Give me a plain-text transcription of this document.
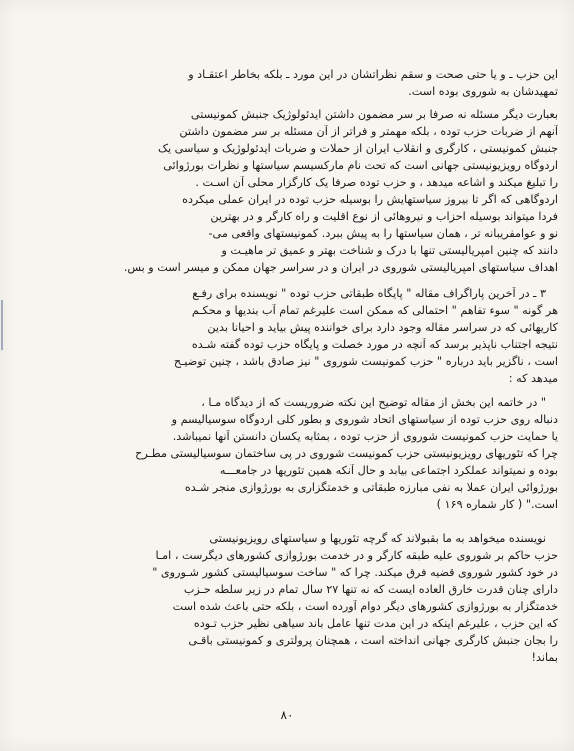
این حزب ـ و یا حتی صحت و سقم نظراتشان در این مورد ـ بلکه بخاطر اعتقـاد و
تمهیدشان به شوروی بوده است.
بعبارت دیگر مسئله نه صرفا بر سر مضمون داشتن ایدئولوژیک جنبش کمونیستی
آنهم از ضربات حزب توده ، بلکه مهمتر و فراتر از آن مسئله بر سر مضمون داشتن
جنبش کمونیستی ، کارگری و انقلاب ایران از حملات و ضربات ایدئولوژیک و سیاسی یک
اردوگاه رویزیونیستی جهانی است که تحت نام مارکسیسم سیاستها و نظرات بورژوائی
را تبلیغ میکند و اشاعه میدهد ، و حزب توده صرفا یک کارگزار محلی آن اسـت .
اردوگاهی که اگر تا بیروز سیاستهایش را بوسیله حزب توده در ایران عملی میکرده
فردا میتواند بوسیله احزاب و نیروهائی از نوع اقلیت و راه کارگر و در بهترین
نو و عوامفریبانه تر ، همان سیاستها را به پیش ببرد. کمونیستهای واقعی می-
دانند که چنین امپریالیستی تنها با درک و شناخت بهتر و عمیق تر ماهیـت و
اهداف سیاستهای امپریالیستی شوروی در ایران و در سراسر جهان ممکن و میسر است و بس.
۳ ـ در آخرین پاراگراف مقاله " پایگاه طبقاتی حزب توده " نویسنده برای رفـع
هر گونه " سوء تفاهم " احتمالی که ممکن است علیرغم تمام آب بندیها و محکـم
کاریهائی که در سراسر مقاله وجود دارد برای خواننده پیش بیاید و احیانا بدین
نتیجه اجتناب ناپذیر برسد که آنچه در مورد خصلت و پایگاه حزب توده گفته شـده
است ، ناگزیر باید درباره " حزب کمونیست شوروی " نیز صادق باشد ، چنین توضیـح
میدهد که :
" در خاتمه این بخش از مقاله توضیح این نکته ضروریست که از دیدگاه مـا ،
دنباله روی حزب توده از سیاستهای اتحاد شوروی و بطور کلی اردوگاه سوسیالیسم و
یا حمایت حزب کمونیست شوروی از حزب توده ، بمثابه یکسان دانستن آنها نمیباشد.
چرا که تئوریهای رویزیونیستی حزب کمونیست شوروی در پی ساختمان سوسیالیستی مطـرح
بوده و نمیتواند عملکرد اجتماعی بیابد و حال آنکه همین تئوریها در جامعـــه
بورژوائی ایران عملا به نفی مبارزه طبقاتی و خدمتگزاری به بورژوازی منجر شـده
است." ( کار شماره ۱۶۹ )
نویسنده میخواهد به ما بقبولاند که گرچه تئوریها و سیاستهای رویزیونیستی
حزب حاکم بر شوروی علیه طبقه کارگر و در خدمت بورژوازی کشورهای دیگرست ، امـا
در خود کشور شوروی قضیه فرق میکند. چرا که " ساخت سوسیالیستی کشور شـوروی "
دارای چنان قدرت خارق العاده ایست که نه تنها ۲۷ سال تمام در زیر سلطه حـزب
خدمتگزار به بورژوازی کشورهای دیگر دوام آورده است ، بلکه حتی باعث شده است
که این حزب ، علیرغم اینکه در این مدت تنها عامل باند سیاهی نظیر حزب تـوده
را بجان جنبش کارگری جهانی انداخته است ، همچنان پرولتری و کمونیستی باقـی
بماند!
۸۰
